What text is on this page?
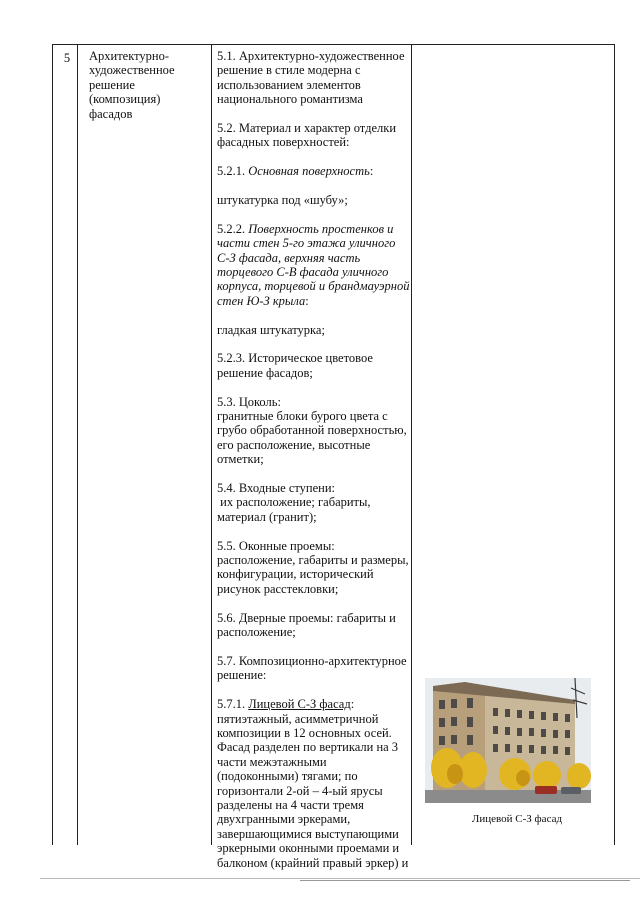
5	Архитектурно-
художественное
решение
(композиция)
фасадов
5.1. Архитектурно-художественное
решение в стиле модерна с
использованием элементов
национального романтизма
5.2. Материал и характер отделки
фасадных поверхностей:
5.2.1. Основная поверхность:
штукатурка под «шубу»;
5.2.2. Поверхность простенков и
части стен 5-го этажа уличного
С-З фасада, верхняя часть
торцевого С-В фасада уличного
корпуса, торцевой и брандмауэрной
стен Ю-З крыла:
гладкая штукатурка;
5.2.3. Историческое цветовое
решение фасадов;
5.3. Цоколь:
гранитные блоки бурого цвета с
грубо обработанной поверхностью,
его расположение, высотные
отметки;
5.4. Входные ступени:
их расположение; габариты,
материал (гранит);
5.5. Оконные проемы:
расположение, габариты и размеры,
конфигурации, исторический
рисунок расстекловки;
5.6. Дверные проемы: габариты и
расположение;
5.7. Композиционно-архитектурное
решение:
5.7.1. Лицевой С-З фасад:
пятиэтажный, асимметричной
композиции в 12 основных осей.
Фасад разделен по вертикали на 3
части межэтажными
(подоконными) тягами; по
горизонтали 2-ой – 4-ый ярусы
разделены на 4 части тремя
двухгранными эркерами,
завершающимися выступающими
эркерными оконными проемами и
балконом (крайний правый эркер) и
Лицевой С-З фасад
